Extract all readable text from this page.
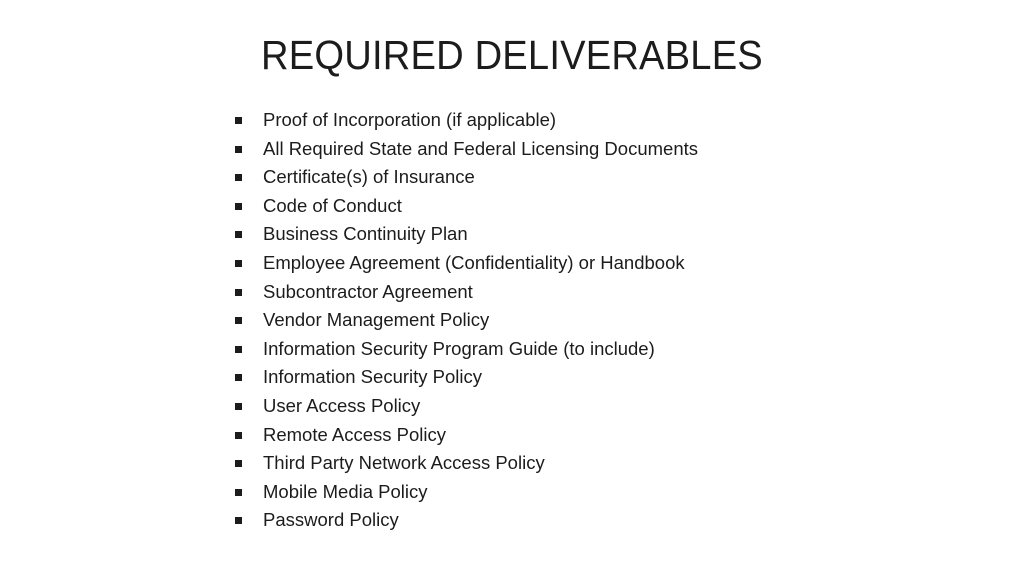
REQUIRED DELIVERABLES
Proof of Incorporation (if applicable)
All Required State and Federal Licensing Documents
Certificate(s) of Insurance
Code of Conduct
Business Continuity Plan
Employee Agreement (Confidentiality) or Handbook
Subcontractor Agreement
Vendor Management Policy
Information Security Program Guide (to include)
Information Security Policy
User Access Policy
Remote Access Policy
Third Party Network Access Policy
Mobile Media Policy
Password Policy
